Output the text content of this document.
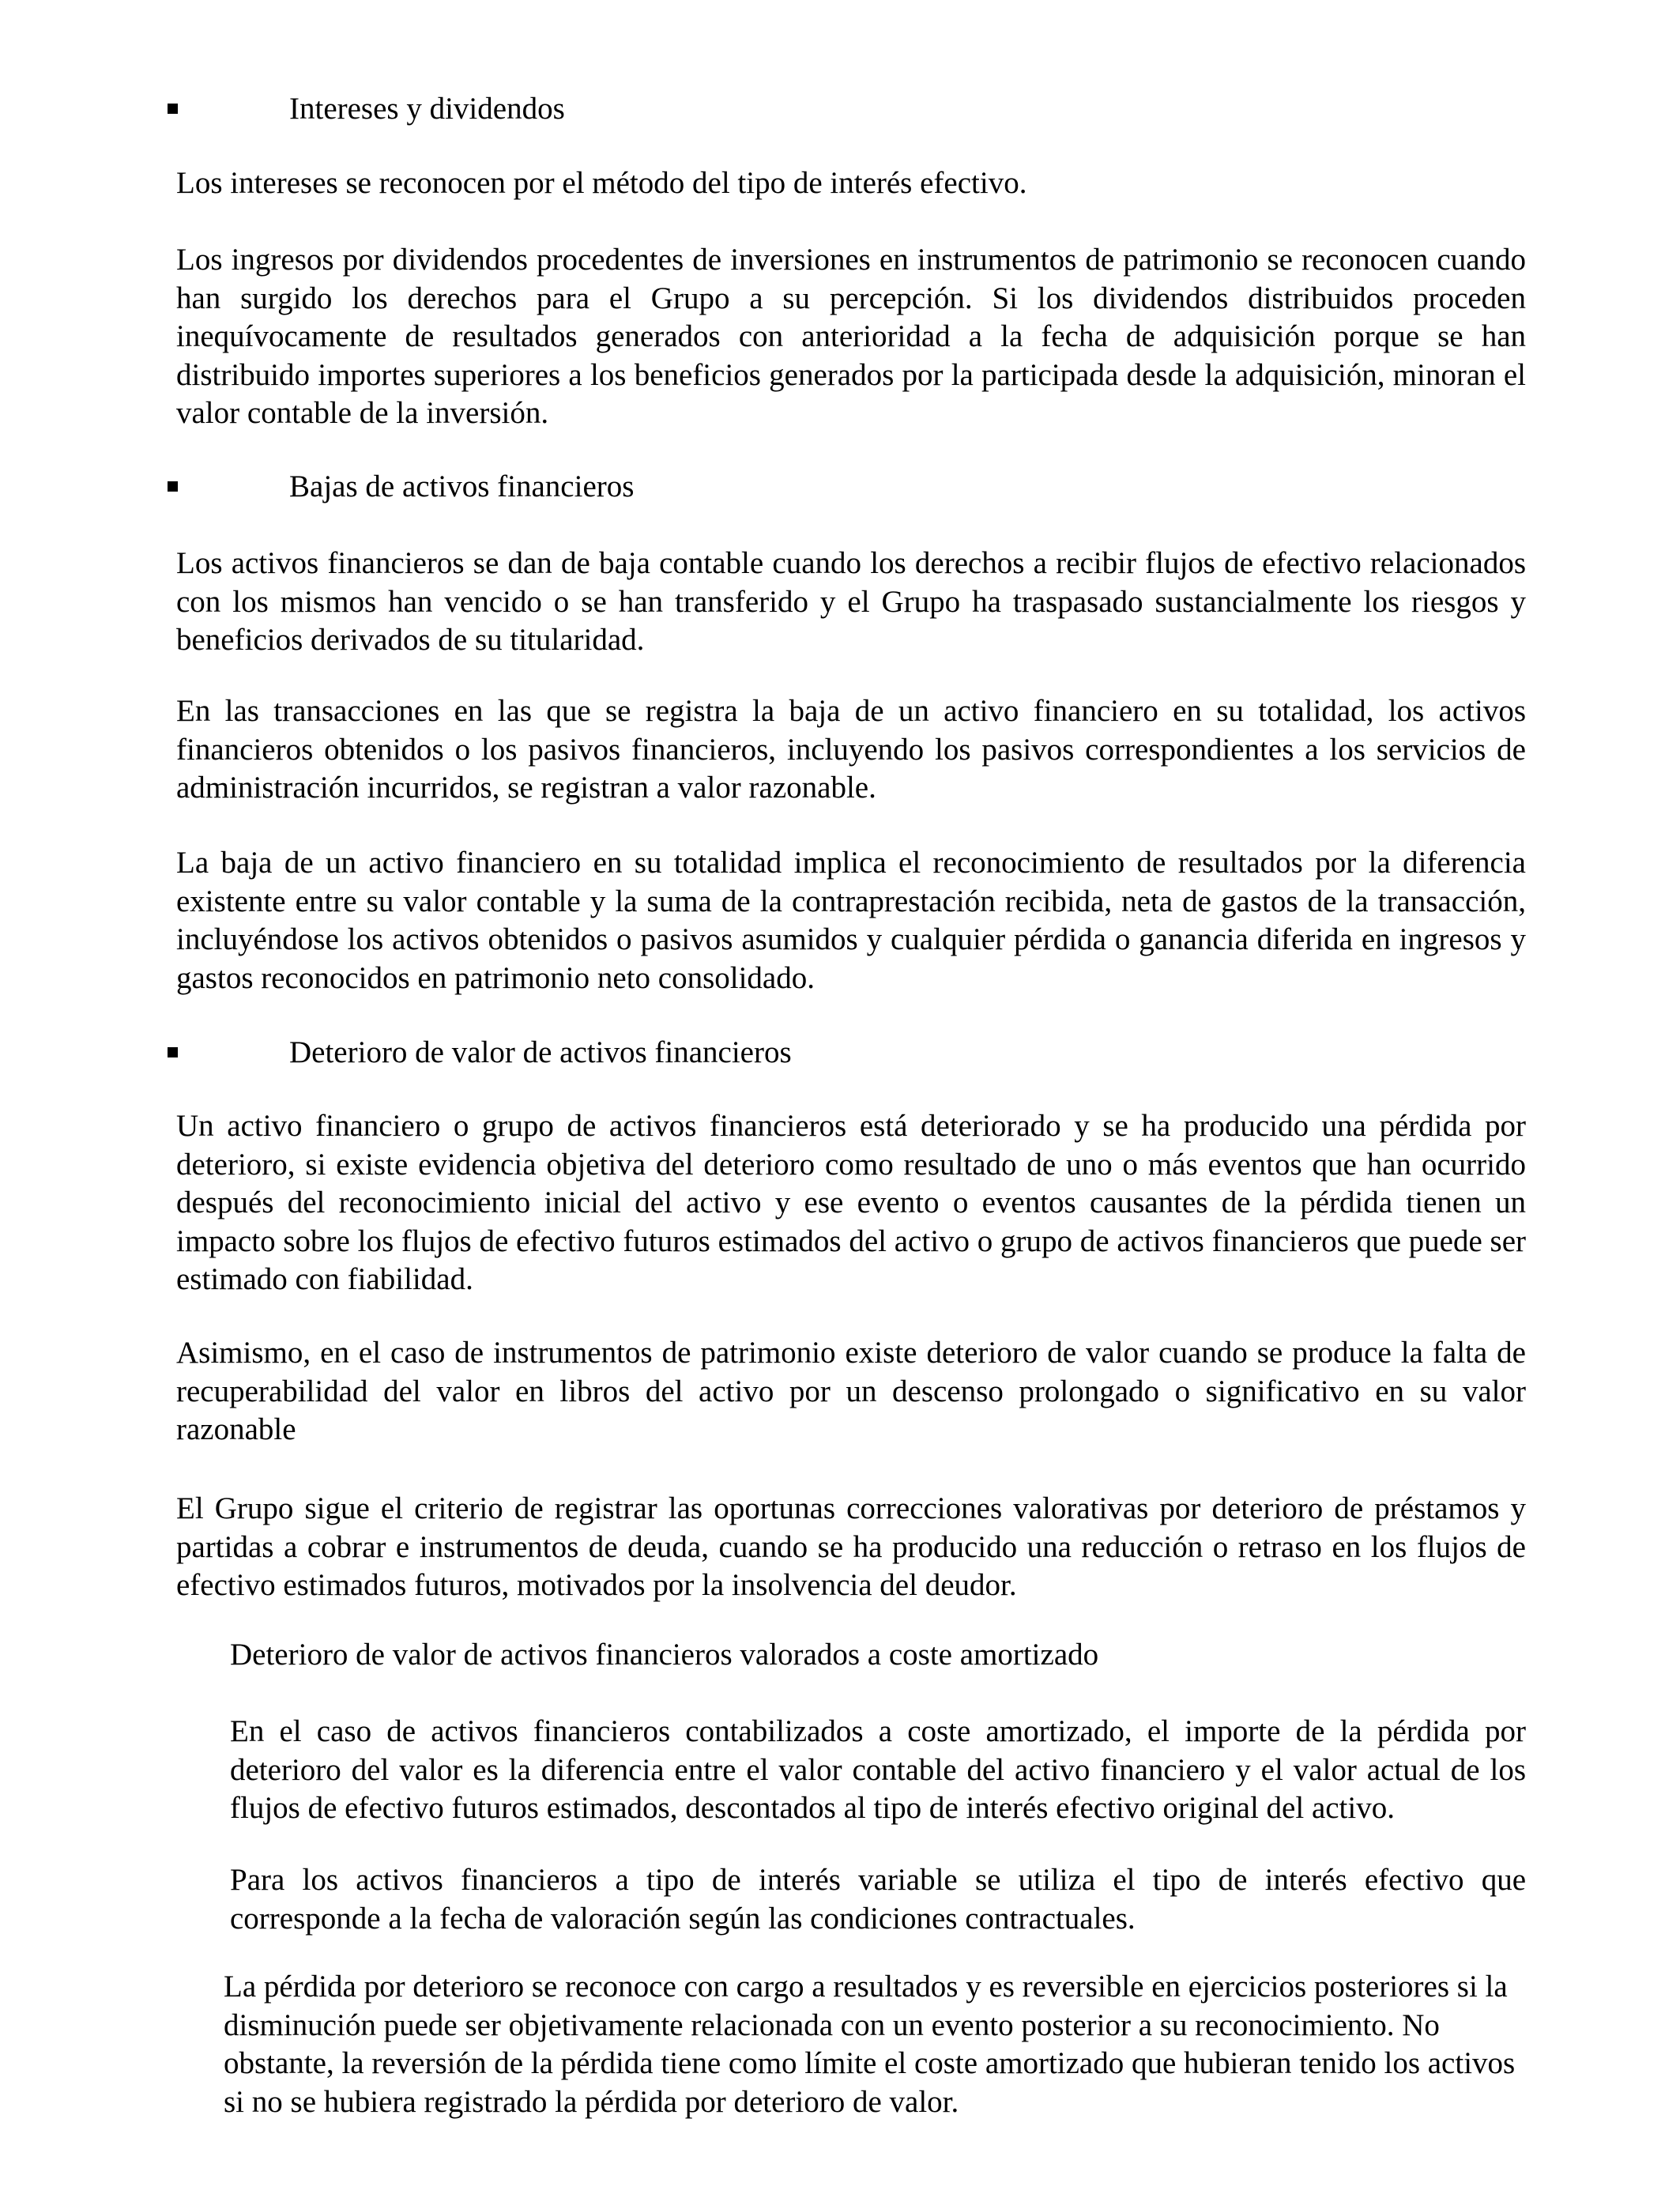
Intereses y dividendos

Los intereses se reconocen por el método del tipo de interés efectivo.

Los ingresos por dividendos procedentes de inversiones en instrumentos de patrimonio se reconocen cuando han surgido los derechos para el Grupo a su percepción. Si los dividendos distribuidos proceden inequívocamente de resultados generados con anterioridad a la fecha de adquisición porque se han distribuido importes superiores a los beneficios generados por la participada desde la adquisición, minoran el valor contable de la inversión.

Bajas de activos financieros

Los activos financieros se dan de baja contable cuando los derechos a recibir flujos de efectivo relacionados con los mismos han vencido o se han transferido y el Grupo ha traspasado sustancialmente los riesgos y beneficios derivados de su titularidad.

En las transacciones en las que se registra la baja de un activo financiero en su totalidad, los activos financieros obtenidos o los pasivos financieros, incluyendo los pasivos correspondientes a los servicios de administración incurridos, se registran a valor razonable.

La baja de un activo financiero en su totalidad implica el reconocimiento de resultados por la diferencia existente entre su valor contable y la suma de la contraprestación recibida, neta de gastos de la transacción, incluyéndose los activos obtenidos o pasivos asumidos y cualquier pérdida o ganancia diferida en ingresos y gastos reconocidos en patrimonio neto consolidado.

Deterioro de valor de activos financieros

Un activo financiero o grupo de activos financieros está deteriorado y se ha producido una pérdida por deterioro, si existe evidencia objetiva del deterioro como resultado de uno o más eventos que han ocurrido después del reconocimiento inicial del activo y ese evento o eventos causantes de la pérdida tienen un impacto sobre los flujos de efectivo futuros estimados del activo o grupo de activos financieros que puede ser estimado con fiabilidad.

Asimismo, en el caso de instrumentos de patrimonio existe deterioro de valor cuando se produce la falta de recuperabilidad del valor en libros del activo por un descenso prolongado o significativo en su valor razonable

El Grupo sigue el criterio de registrar las oportunas correcciones valorativas por deterioro de préstamos y partidas a cobrar e instrumentos de deuda, cuando se ha producido una reducción o retraso en los flujos de efectivo estimados futuros, motivados por la insolvencia del deudor.

Deterioro de valor de activos financieros valorados a coste amortizado

En el caso de activos financieros contabilizados a coste amortizado, el importe de la pérdida por deterioro del valor es la diferencia entre el valor contable del activo financiero y el valor actual de los flujos de efectivo futuros estimados, descontados al tipo de interés efectivo original del activo.

Para los activos financieros a tipo de interés variable se utiliza el tipo de interés efectivo que corresponde a la fecha de valoración según las condiciones contractuales.

La pérdida por deterioro se reconoce con cargo a resultados y es reversible en ejercicios posteriores si la disminución puede ser objetivamente relacionada con un evento posterior a su reconocimiento. No obstante, la reversión de la pérdida tiene como límite el coste amortizado que hubieran tenido los activos si no se hubiera registrado la pérdida por deterioro de valor.
